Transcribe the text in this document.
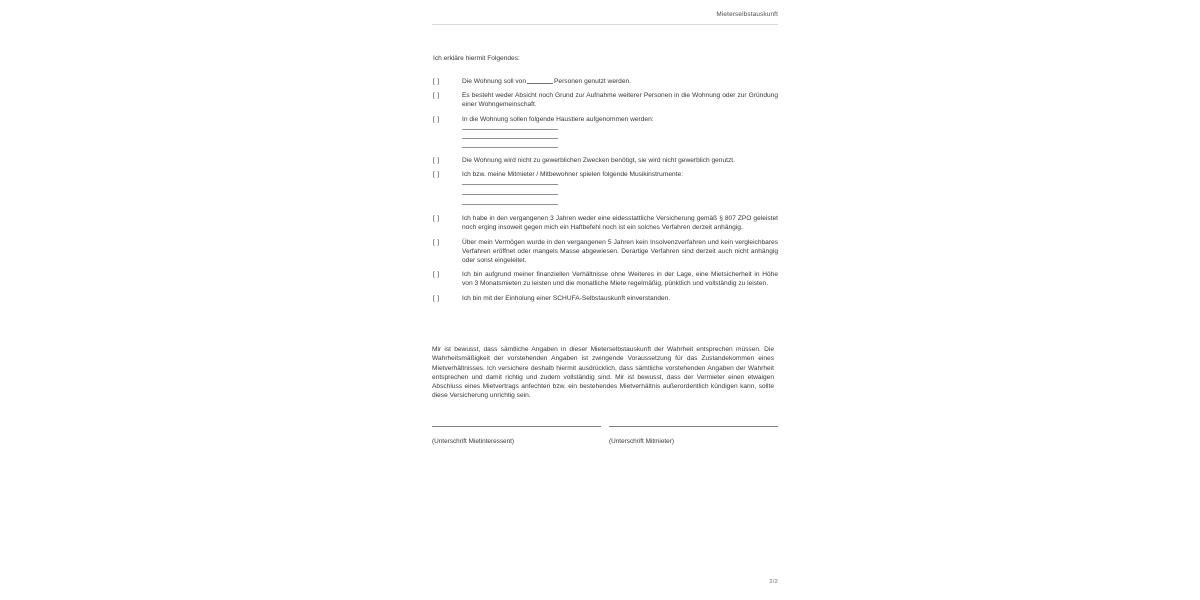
Mieterselbstauskunft
Ich erkläre hiermit Folgendes:
[ ]	Die Wohnung soll von	Personen genutzt werden.
[ ]	Es besteht weder Absicht noch Grund zur Aufnahme weiterer Personen in die Wohnung oder zur Gründung einer Wohngemeinschaft.
[ ]	In die Wohnung sollen folgende Haustiere aufgenommen werden:
[ ]	Die Wohnung wird nicht zu gewerblichen Zwecken benötigt, sie wird nicht gewerblich genutzt.
[ ]	Ich bzw. meine Mitmieter / Mitbewohner spielen folgende Musikinstrumente:
[ ]	Ich habe in den vergangenen 3 Jahren weder eine eidesstattliche Versicherung gemäß § 807 ZPO geleistet noch erging insoweit gegen mich ein Haftbefehl noch ist ein solches Verfahren derzeit anhängig.
[ ]	Über mein Vermögen wurde in den vergangenen 5 Jahren kein Insolvenzverfahren und kein vergleichbares Verfahren eröffnet oder mangels Masse abgewiesen. Derartige Verfahren sind derzeit auch nicht anhängig oder sonst eingeleitet.
[ ]	Ich bin aufgrund meiner finanziellen Verhältnisse ohne Weiteres in der Lage, eine Mietsicherheit in Höhe von 3 Monatsmieten zu leisten und die monatliche Miete regelmäßig, pünktlich und vollständig zu leisten.
[ ]	Ich bin mit der Einholung einer SCHUFA-Selbstauskunft einverstanden.
Mir ist bewusst, dass sämtliche Angaben in dieser Mieterselbstauskunft der Wahrheit entsprechen müssen. Die Wahrheitsmäßigkeit der vorstehenden Angaben ist zwingende Voraussetzung für das Zustandekommen eines Mietverhältnisses. Ich versichere deshalb hiermit ausdrücklich, dass sämtliche vorstehenden Angaben der Wahrheit entsprechen und damit richtig und zudem vollständig sind. Mir ist bewusst, dass der Vermieter einen etwaigen Abschluss eines Mietvertrags anfechten bzw. ein bestehendes Mietverhältnis außerordentlich kündigen kann, sollte diese Versicherung unrichtig sein.
(Unterschrift Mietinteressent)	(Unterschrift Mitmieter)
2/2
